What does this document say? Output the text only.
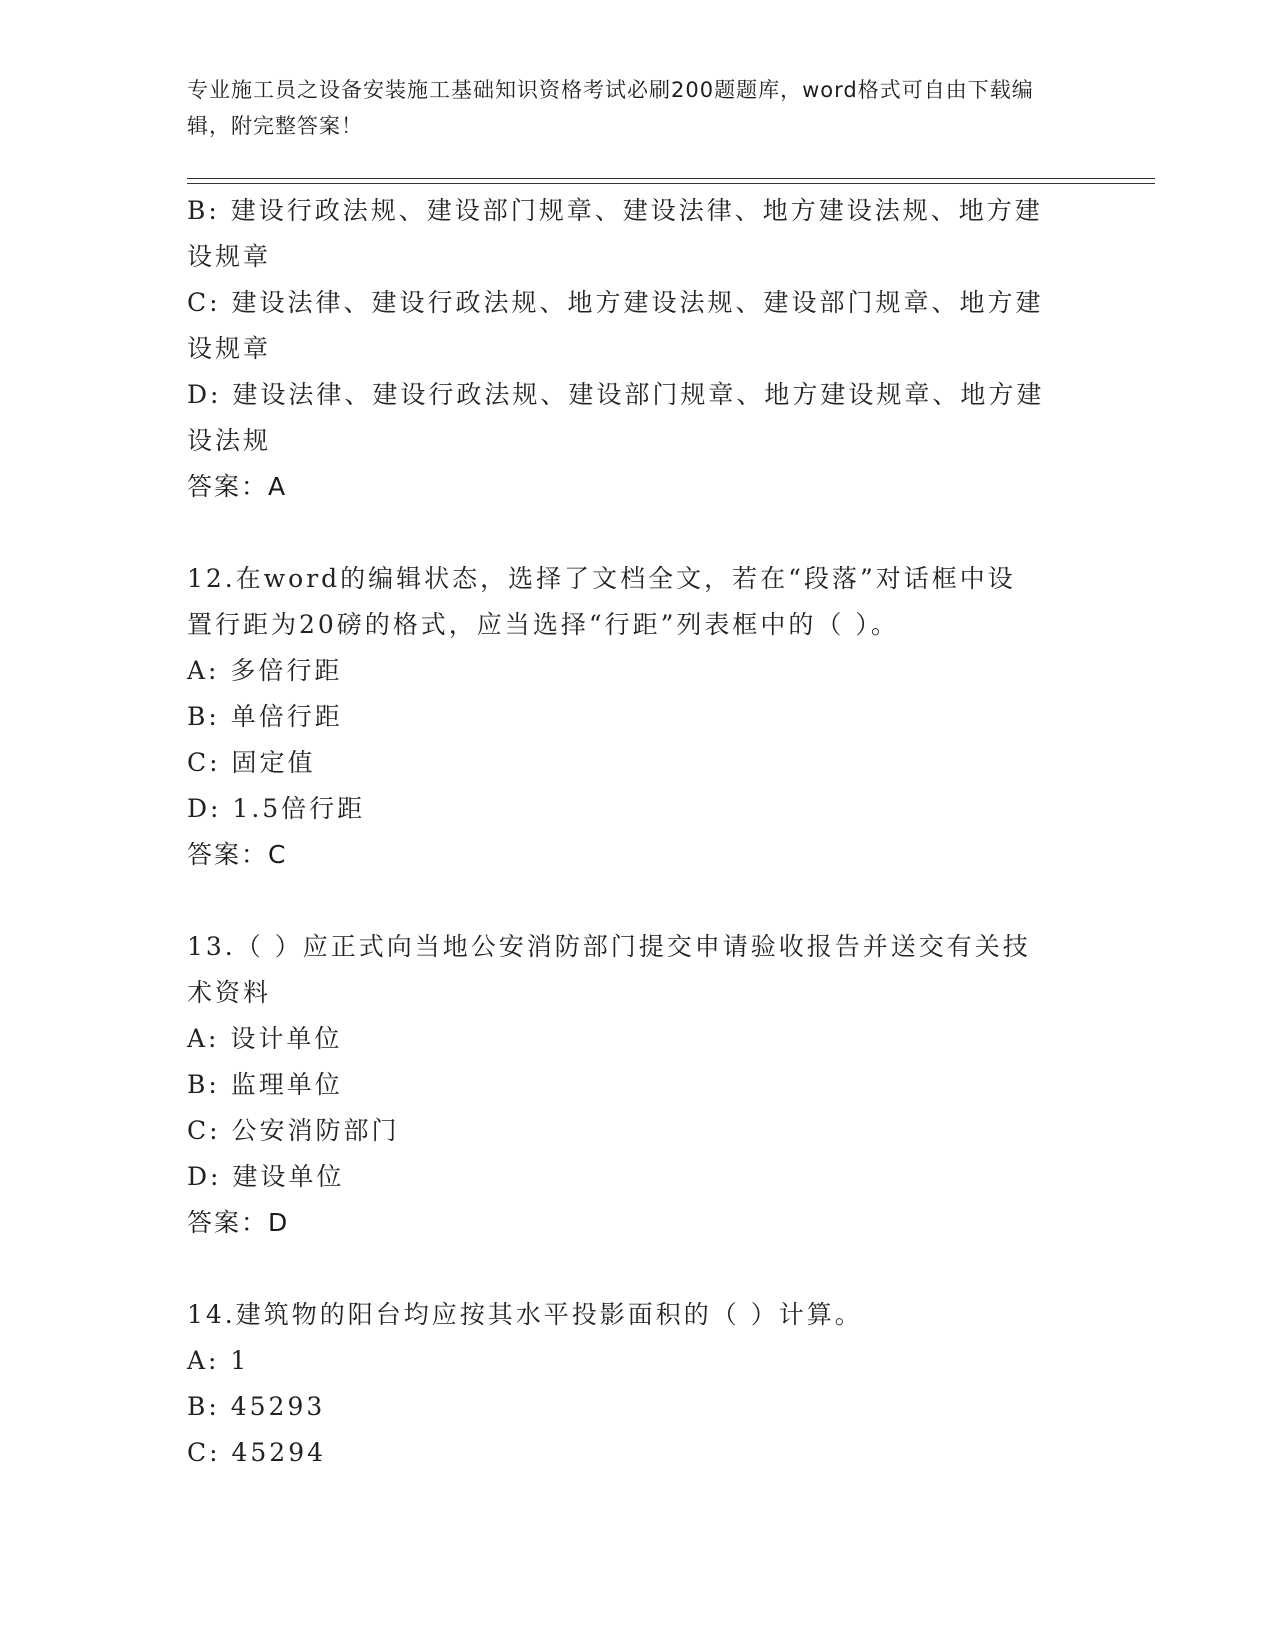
专业施工员之设备安装施工基础知识资格考试必刷200题题库，word格式可自由下载编辑，附完整答案！
B: 建设行政法规、建设部门规章、建设法律、地方建设法规、地方建
设规章
C: 建设法律、建设行政法规、地方建设法规、建设部门规章、地方建
设规章
D: 建设法律、建设行政法规、建设部门规章、地方建设规章、地方建
设法规
答案：A
12.在word的编辑状态，选择了文档全文，若在“段落”对话框中设
置行距为20磅的格式，应当选择“行距”列表框中的（ ）。
A: 多倍行距
B: 单倍行距
C: 固定值
D: 1.5倍行距
答案：C
13.（ ）应正式向当地公安消防部门提交申请验收报告并送交有关技
术资料
A: 设计单位
B: 监理单位
C: 公安消防部门
D: 建设单位
答案：D
14.建筑物的阳台均应按其水平投影面积的（ ）计算。
A: 1
B: 45293
C: 45294
